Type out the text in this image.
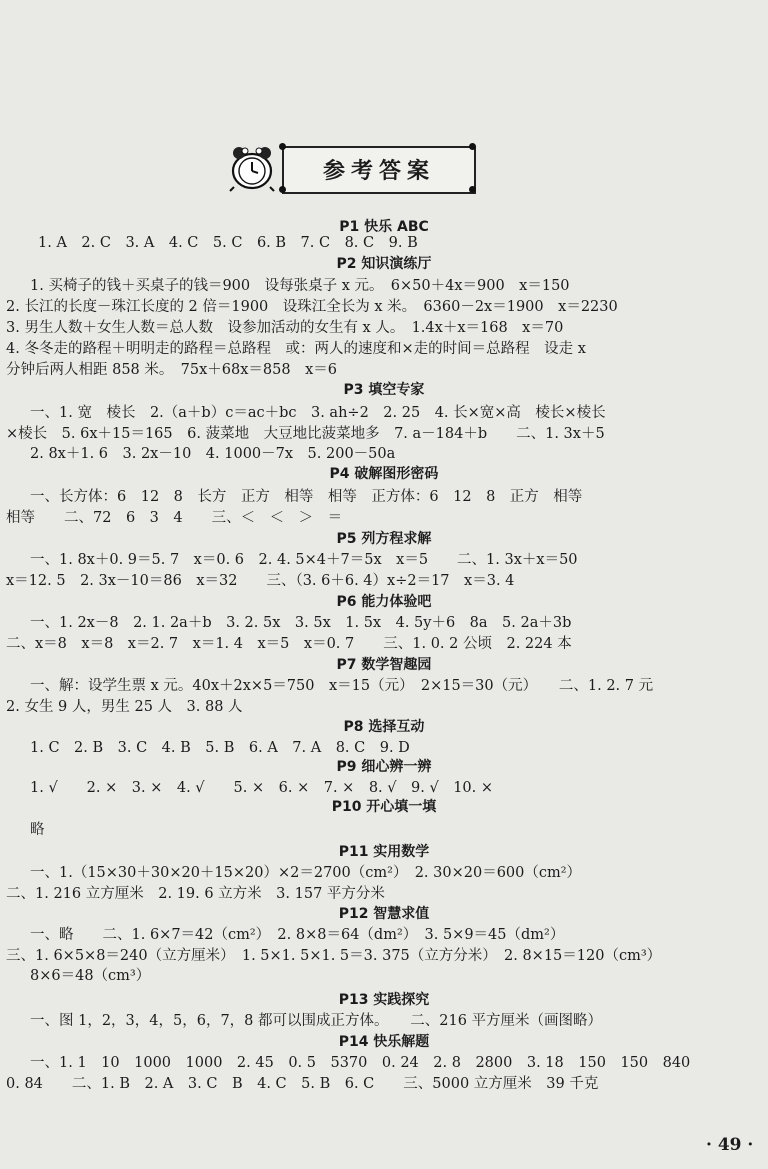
参考答案
P1 快乐 ABC
1. A　2. C　3. A　4. C　5. C　6. B　7. C　8. C　9. B
P2 知识演练厅
1. 买椅子的钱＋买桌子的钱＝900　设每张桌子 x 元。　6×50＋4x＝900　x＝150
2. 长江的长度－珠江长度的 2 倍＝1900　设珠江全长为 x 米。　6360－2x＝1900　x＝2230
3. 男生人数＋女生人数＝总人数　设参加活动的女生有 x 人。　1.4x＋x＝168　x＝70
4. 冬冬走的路程＋明明走的路程＝总路程　或：两人的速度和×走的时间＝总路程　设走 x
分钟后两人相距 858 米。　75x＋68x＝858　x＝6
P3 填空专家
一、1. 宽　棱长　2.（a＋b）c＝ac＋bc　3. ah÷2　2. 25　4. 长×宽×高　棱长×棱长
×棱长　5. 6x＋15＝165　6. 菠菜地　大豆地比菠菜地多　7. a－184＋b　　二、1. 3x＋5
2. 8x＋1. 6　3. 2x－10　4. 1000－7x　5. 200－50a
P4 破解图形密码
一、长方体：6　12　8　长方　正方　相等　相等　正方体：6　12　8　正方　相等
相等　　二、72　6　3　4　　三、＜　＜　＞　＝
P5 列方程求解
一、1. 8x＋0. 9＝5. 7　x＝0. 6　2. 4. 5×4＋7＝5x　x＝5　　二、1. 3x＋x＝50
x＝12. 5　2. 3x－10＝86　x＝32　　三、（3. 6＋6. 4）x÷2＝17　x＝3. 4
P6 能力体验吧
一、1. 2x－8　2. 1. 2a＋b　3. 2. 5x　3. 5x　1. 5x　4. 5y＋6　8a　5. 2a＋3b
二、x＝8　x＝8　x＝2. 7　x＝1. 4　x＝5　x＝0. 7　　三、1. 0. 2 公顷　2. 224 本
P7 数学智趣园
一、解：设学生票 x 元。40x＋2x×5＝750　x＝15（元）　2×15＝30（元）　　二、1. 2. 7 元
2. 女生 9 人，男生 25 人　3. 88 人
P8 选择互动
1. C　2. B　3. C　4. B　5. B　6. A　7. A　8. C　9. D
P9 细心辨一辨
1. √　　2. ×　3. ×　4. √　　5. ×　6. ×　7. ×　8. √　9. √　10. ×
P10 开心填一填
略
P11 实用数学
一、1.（15×30＋30×20＋15×20）×2＝2700（cm²）　2. 30×20＝600（cm²）
二、1. 216 立方厘米　2. 19. 6 立方米　3. 157 平方分米
P12 智慧求值
一、略　　二、1. 6×7＝42（cm²）　2. 8×8＝64（dm²）　3. 5×9＝45（dm²）
三、1. 6×5×8＝240（立方厘米）　1. 5×1. 5×1. 5＝3. 375（立方分米）　2. 8×15＝120（cm³）
8×6＝48（cm³）
P13 实践探究
一、图 1，2，3，4，5，6，7，8 都可以围成正方体。　　二、216 平方厘米（画图略）
P14 快乐解题
一、1. 1　10　1000　1000　2. 45　0. 5　5370　0. 24　2. 8　2800　3. 18　150　150　840
0. 84　　二、1. B　2. A　3. C　B　4. C　5. B　6. C　　三、5000 立方厘米　39 千克
· 49 ·
